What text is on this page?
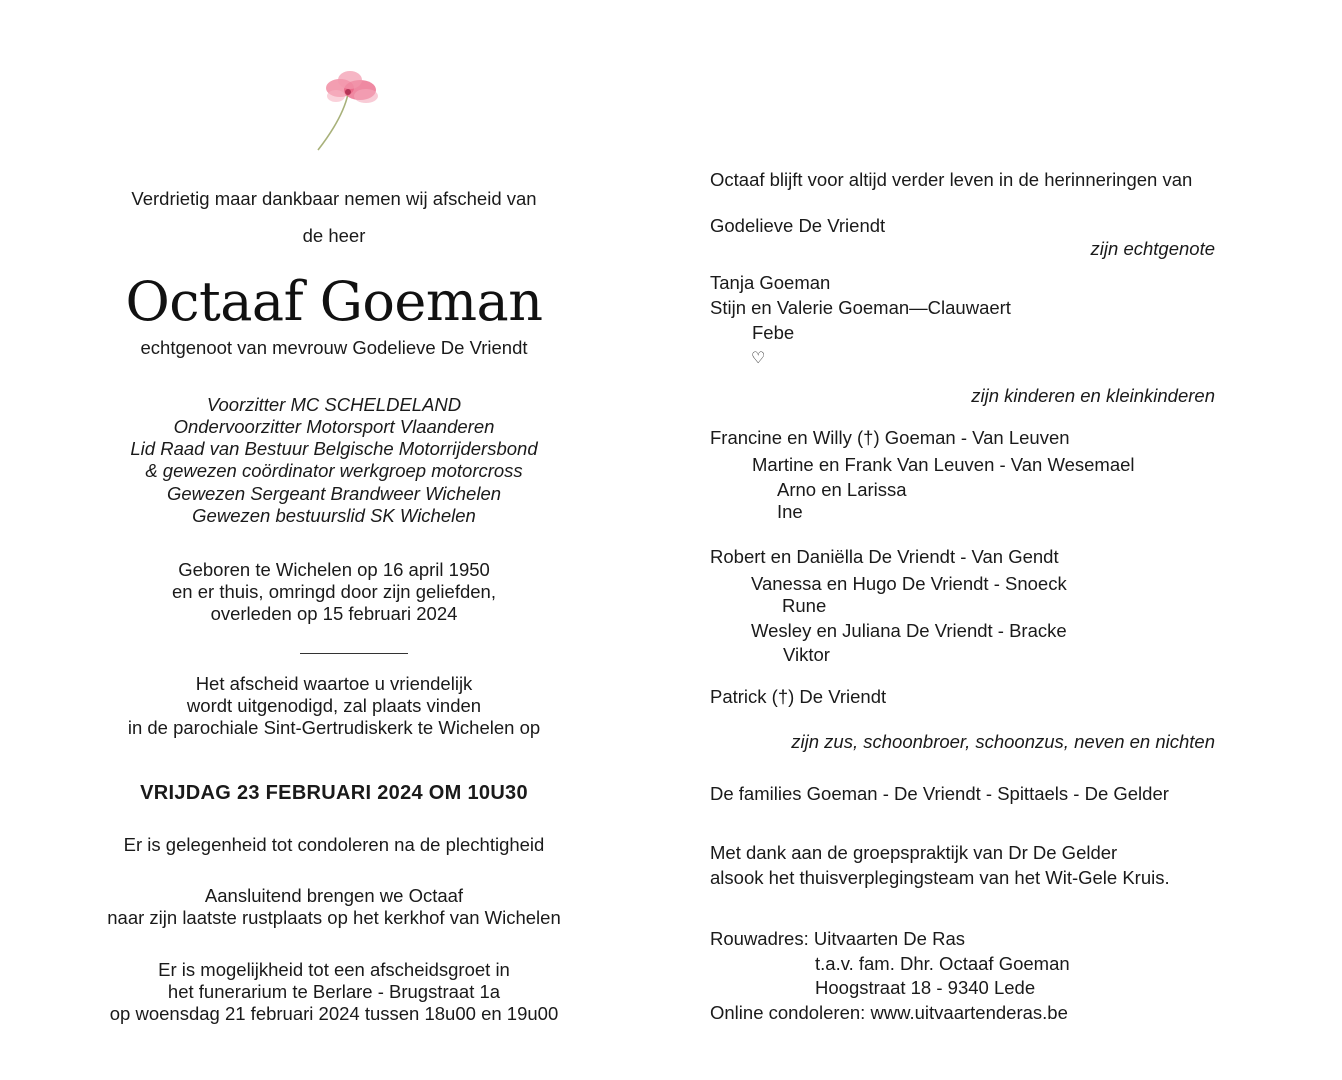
Verdrietig maar dankbaar nemen wij afscheid van
de heer
Octaaf Goeman
echtgenoot van mevrouw Godelieve De Vriendt
Voorzitter MC SCHELDELAND
Ondervoorzitter Motorsport Vlaanderen
Lid Raad van Bestuur Belgische Motorrijdersbond
& gewezen coördinator werkgroep motorcross
Gewezen Sergeant Brandweer Wichelen
Gewezen bestuurslid SK Wichelen
Geboren te Wichelen op 16 april 1950
en er thuis, omringd door zijn geliefden,
overleden op 15 februari 2024
Het afscheid waartoe u vriendelijk
wordt uitgenodigd, zal plaats vinden
in de parochiale Sint-Gertrudiskerk te Wichelen op
VRIJDAG 23 FEBRUARI 2024 OM 10U30
Er is gelegenheid tot condoleren na de plechtigheid
Aansluitend brengen we Octaaf
naar zijn laatste rustplaats op het kerkhof van Wichelen
Er is mogelijkheid tot een afscheidsgroet in
het funerarium te Berlare - Brugstraat 1a
op woensdag 21 februari 2024 tussen 18u00 en 19u00
Octaaf blijft voor altijd verder leven in de herinneringen van
Godelieve De Vriendt
zijn echtgenote
Tanja Goeman
Stijn en Valerie Goeman—Clauwaert
Febe
♡
zijn kinderen en kleinkinderen
Francine en Willy (†) Goeman - Van Leuven
Martine en Frank Van Leuven - Van Wesemael
Arno en Larissa
Ine
Robert en Daniëlla De Vriendt - Van Gendt
Vanessa en Hugo De Vriendt - Snoeck
Rune
Wesley en Juliana De Vriendt - Bracke
Viktor
Patrick (†) De Vriendt
zijn zus, schoonbroer, schoonzus, neven en nichten
De families Goeman - De Vriendt - Spittaels - De Gelder
Met dank aan de groepspraktijk van Dr De Gelder
alsook het thuisverplegingsteam van het Wit-Gele Kruis.
Rouwadres: Uitvaarten De Ras
t.a.v. fam. Dhr. Octaaf Goeman
Hoogstraat 18 - 9340 Lede
Online condoleren: www.uitvaartenderas.be
